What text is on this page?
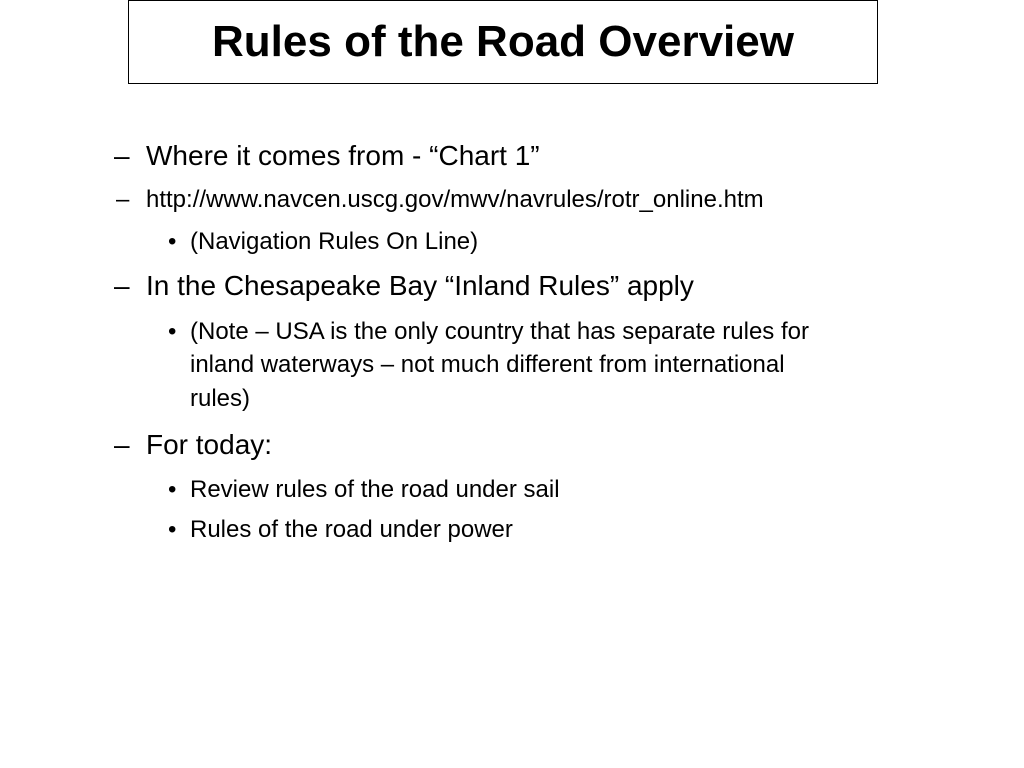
Rules of the Road Overview
– Where it comes from - “Chart 1”
– http://www.navcen.uscg.gov/mwv/navrules/rotr_online.htm
• (Navigation Rules On Line)
– In the Chesapeake Bay “Inland Rules” apply
• (Note – USA is the only country that has separate rules for
inland waterways – not much different from international
rules)
– For today:
• Review rules of the road under sail
• Rules of the road under power
